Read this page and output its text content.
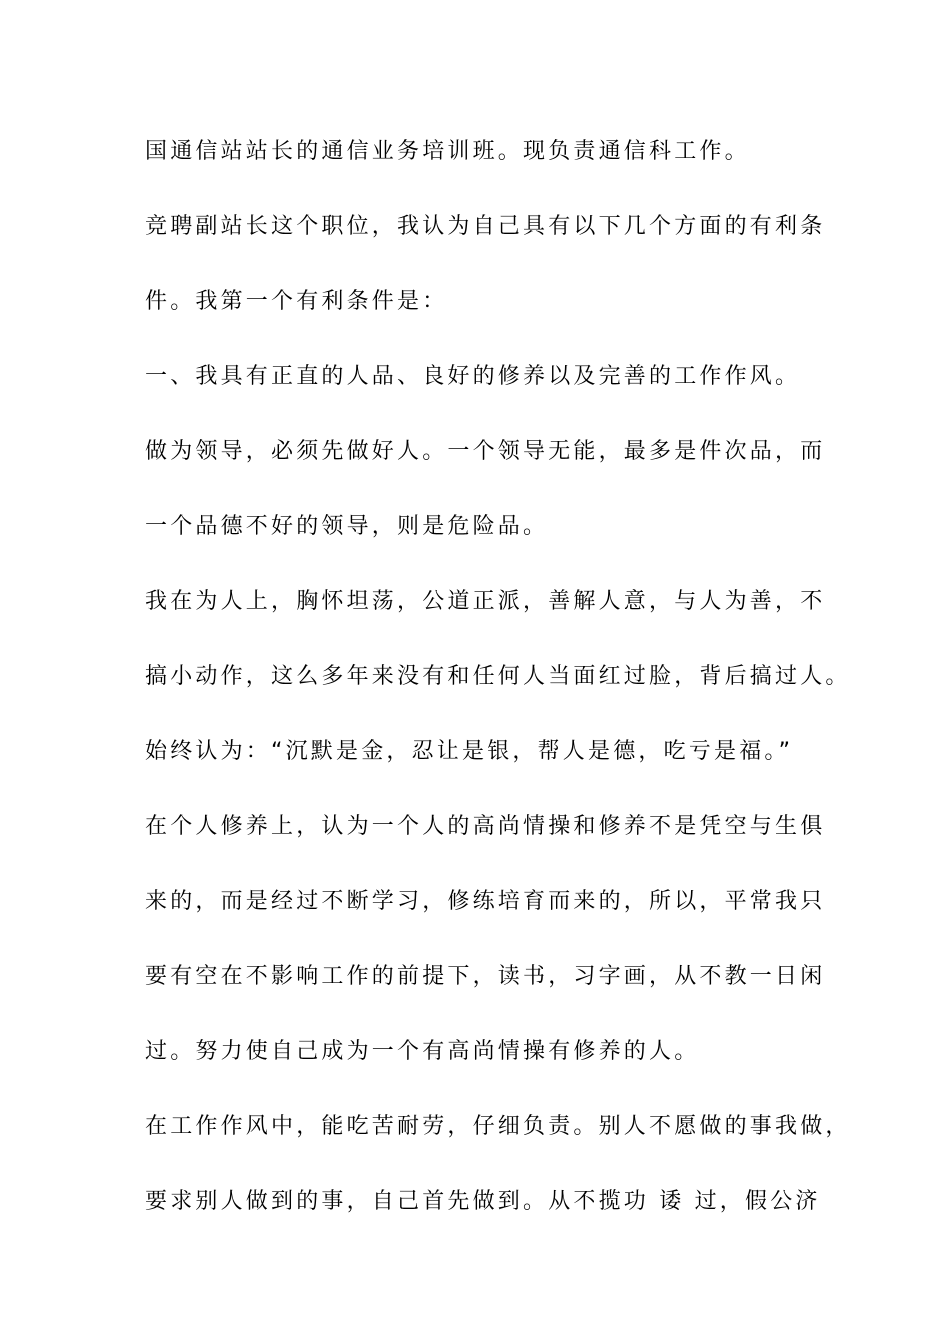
国通信站站长的通信业务培训班。现负责通信科工作。
竞聘副站长这个职位，我认为自己具有以下几个方面的有利条
件。我第一个有利条件是：
一、我具有正直的人品、良好的修养以及完善的工作作风。
做为领导，必须先做好人。一个领导无能，最多是件次品，而
一个品德不好的领导，则是危险品。
我在为人上，胸怀坦荡，公道正派，善解人意，与人为善，不
搞小动作，这么多年来没有和任何人当面红过脸，背后搞过人。
始终认为：“沉默是金，忍让是银，帮人是德，吃亏是福。”
在个人修养上，认为一个人的高尚情操和修养不是凭空与生俱
来的，而是经过不断学习，修练培育而来的，所以，平常我只
要有空在不影响工作的前提下，读书，习字画，从不教一日闲
过。努力使自己成为一个有高尚情操有修养的人。
在工作作风中，能吃苦耐劳，仔细负责。别人不愿做的事我做，
要求别人做到的事，自己首先做到。从不揽功 诿 过，假公济
